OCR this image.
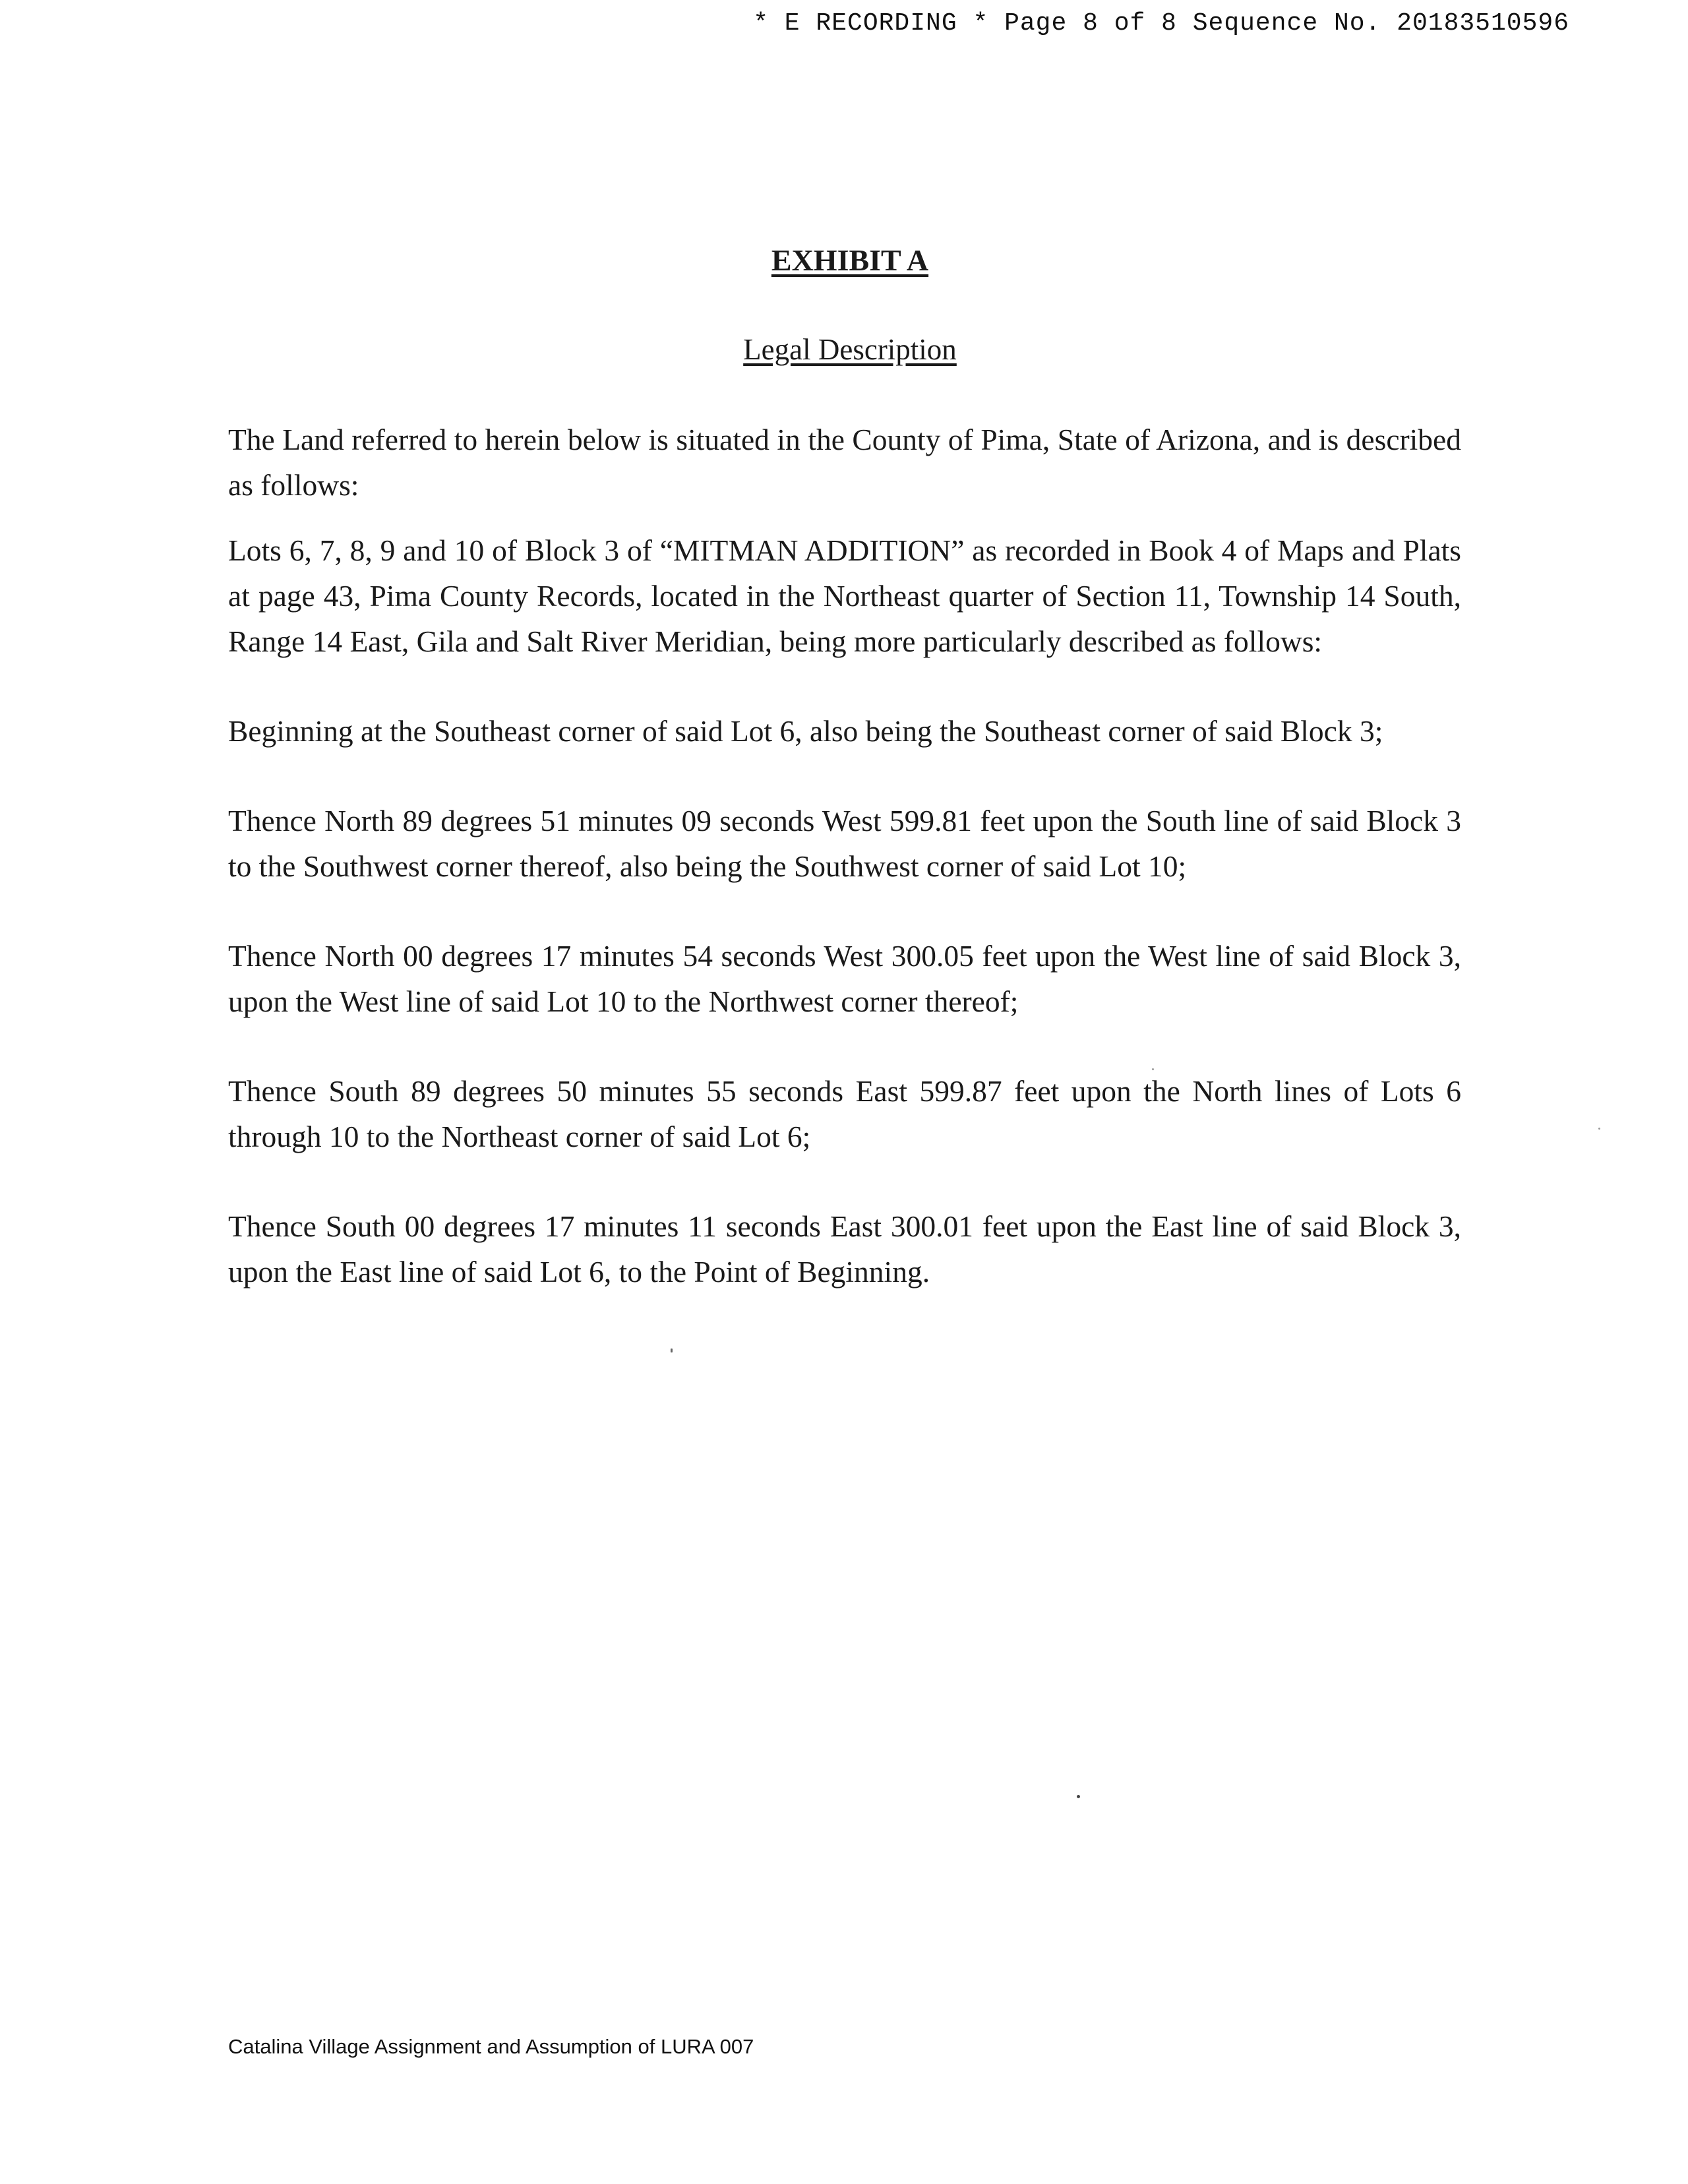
* E RECORDING * Page 8 of 8 Sequence No. 20183510596
EXHIBIT A
Legal Description

The Land referred to herein below is situated in the County of Pima, State of Arizona, and is described as follows:

Lots 6, 7, 8, 9 and 10 of Block 3 of “MITMAN ADDITION” as recorded in Book 4 of Maps and Plats at page 43, Pima County Records, located in the Northeast quarter of Section 11, Township 14 South, Range 14 East, Gila and Salt River Meridian, being more particularly described as follows:

Beginning at the Southeast corner of said Lot 6, also being the Southeast corner of said Block 3;

Thence North 89 degrees 51 minutes 09 seconds West 599.81 feet upon the South line of said Block 3 to the Southwest corner thereof, also being the Southwest corner of said Lot 10;

Thence North 00 degrees 17 minutes 54 seconds West 300.05 feet upon the West line of said Block 3, upon the West line of said Lot 10 to the Northwest corner thereof;

Thence South 89 degrees 50 minutes 55 seconds East 599.87 feet upon the North lines of Lots 6 through 10 to the Northeast corner of said Lot 6;

Thence South 00 degrees 17 minutes 11 seconds East 300.01 feet upon the East line of said Block 3, upon the East line of said Lot 6, to the Point of Beginning.

Catalina Village Assignment and Assumption of LURA 007
